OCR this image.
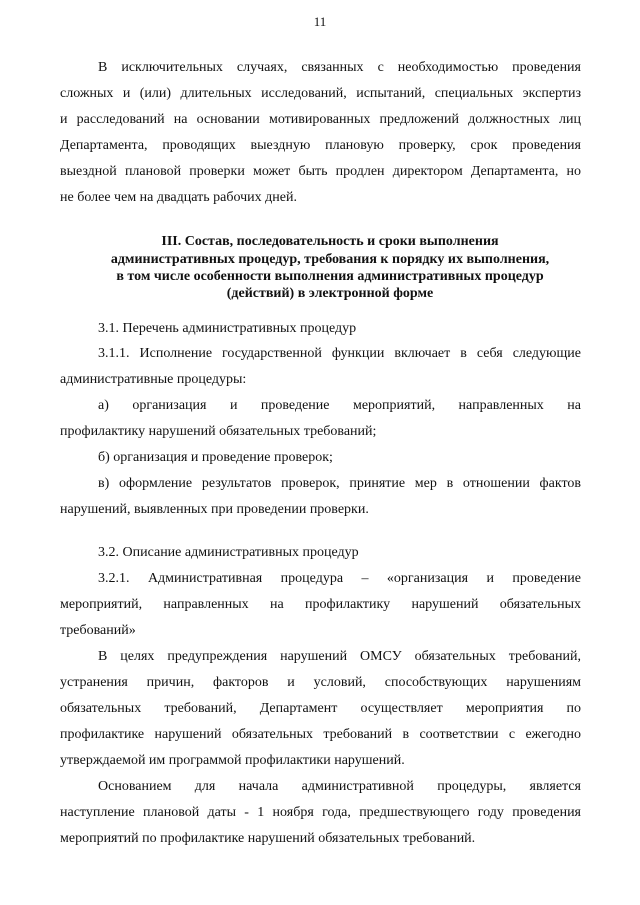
11
В исключительных случаях, связанных с необходимостью проведения
сложных и (или) длительных исследований, испытаний, специальных экспертиз
и расследований на основании мотивированных предложений должностных лиц
Департамента, проводящих выездную плановую проверку, срок проведения
выездной плановой проверки может быть продлен директором Департамента, но
не более чем на двадцать рабочих дней.
III. Состав, последовательность и сроки выполнения
административных процедур, требования к порядку их выполнения,
в том числе особенности выполнения административных процедур
(действий) в электронной форме
3.1. Перечень административных процедур
3.1.1. Исполнение государственной функции включает в себя следующие
административные процедуры:
а) организация и проведение мероприятий, направленных на
профилактику нарушений обязательных требований;
б) организация и проведение проверок;
в) оформление результатов проверок, принятие мер в отношении фактов
нарушений, выявленных при проведении проверки.
3.2. Описание административных процедур
3.2.1. Административная процедура – «организация и проведение
мероприятий, направленных на профилактику нарушений обязательных
требований»
В целях предупреждения нарушений ОМСУ обязательных требований,
устранения причин, факторов и условий, способствующих нарушениям
обязательных требований, Департамент осуществляет мероприятия по
профилактике нарушений обязательных требований в соответствии с ежегодно
утверждаемой им программой профилактики нарушений.
Основанием для начала административной процедуры, является
наступление плановой даты - 1 ноября года, предшествующего году проведения
мероприятий по профилактике нарушений обязательных требований.
